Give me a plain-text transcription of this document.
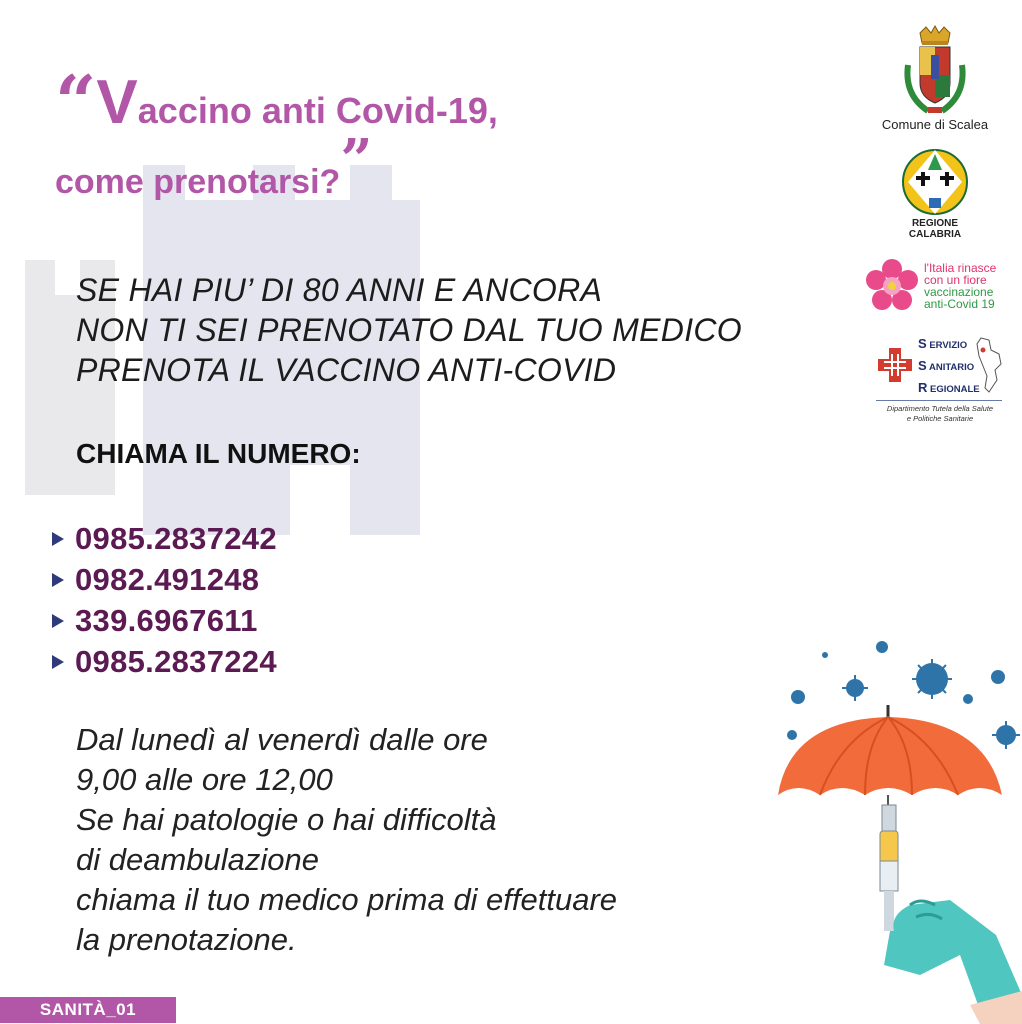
“Vaccino anti Covid-19,
come prenotarsi?”
SE HAI PIU’ DI 80 ANNI E ANCORA
NON TI SEI PRENOTATO DAL TUO MEDICO
PRENOTA IL VACCINO ANTI-COVID
CHIAMA IL NUMERO:
0985.2837242
0982.491248
339.6967611
0985.2837224
Dal lunedì al venerdì dalle ore
9,00 alle ore 12,00
Se hai patologie o hai difficoltà
di deambulazione
chiama il tuo medico prima di effettuare
la prenotazione.
SANITÀ_01
Comune di Scalea
REGIONE
CALABRIA
l'Italia rinasce
con un fiore
vaccinazione
anti-Covid 19
S ERVIZIO
S ANITARIO
R EGIONALE
Dipartimento Tutela della Salute
e Politiche Sanitarie
